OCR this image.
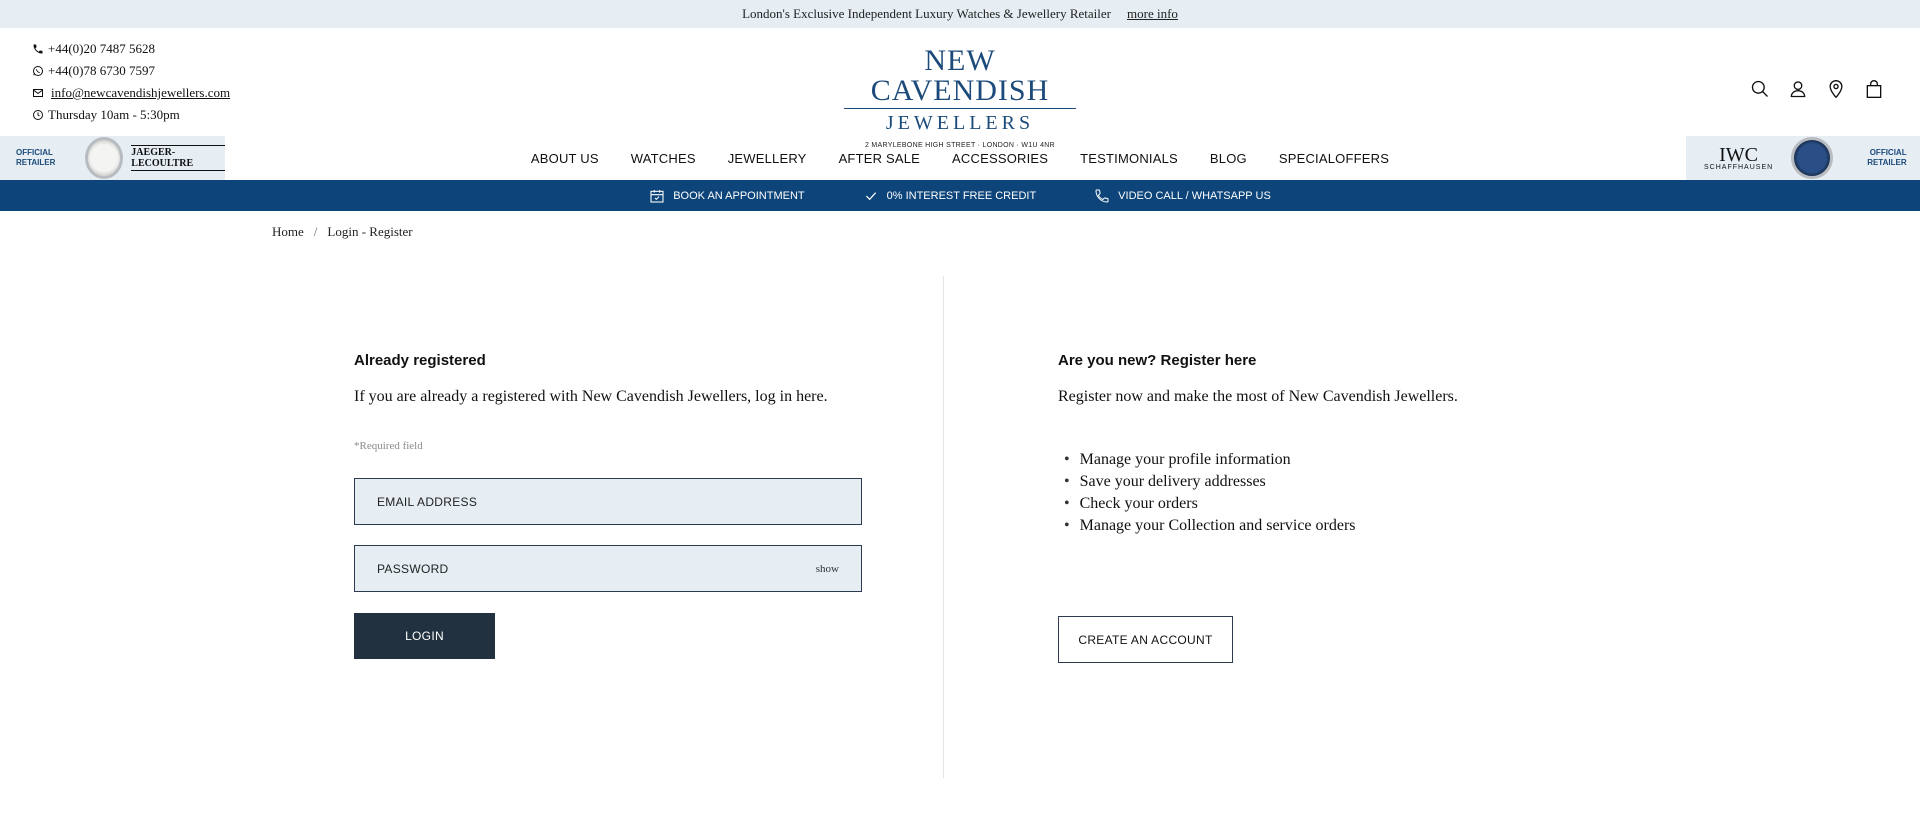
London's Exclusive Independent Luxury Watches & Jewellery Retailer more info
+44(0)20 7487 5628
+44(0)78 6730 7597
info@newcavendishjewellers.com
Thursday 10am - 5:30pm
NEW CAVENDISH
JEWELLERS
2 MARYLEBONE HIGH STREET · LONDON · W1U 4NR
OFFICIAL
RETAILER
JAEGER-LECOULTRE	IWC
SCHAFFHAUSEN
OFFICIAL
RETAILER
ABOUT US	WATCHES	JEWELLERY	AFTER SALE	ACCESSORIES	TESTIMONIALS	BLOG	SPECIALOFFERS
BOOK AN APPOINTMENT	0% INTEREST FREE CREDIT	VIDEO CALL / WHATSAPP US
Home / Login - Register
Already registered
If you are already a registered with New Cavendish Jewellers, log in here.
*Required field
EMAIL ADDRESS
show
LOGIN
Are you new? Register here
Register now and make the most of New Cavendish Jewellers.
• Manage your profile information
• Save your delivery addresses
• Check your orders
• Manage your Collection and service orders
CREATE AN ACCOUNT
